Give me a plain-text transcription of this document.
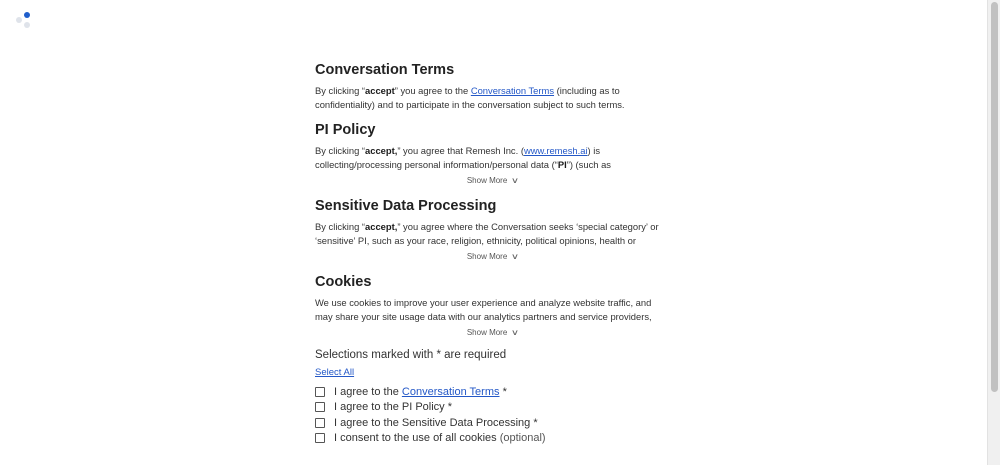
Conversation Terms

By clicking “accept” you agree to the Conversation Terms (including as to confidentiality) and to participate in the conversation subject to such terms.

PI Policy

By clicking “accept,” you agree that Remesh Inc. (www.remesh.ai) is collecting/processing personal information/personal data (“PI”) (such as

Show More ∨
Sensitive Data Processing

By clicking “accept,” you agree where the Conversation seeks ‘special category’ or ‘sensitive’ PI, such as your race, religion, ethnicity, political opinions, health or

Show More ∨
Cookies

We use cookies to improve your user experience and analyze website traffic, and may share your site usage data with our analytics partners and service providers,

Show More ∨

Selections marked with * are required

Select All
I agree to the Conversation Terms *
I agree to the PI Policy *
I agree to the Sensitive Data Processing *
I consent to the use of all cookies (optional)
